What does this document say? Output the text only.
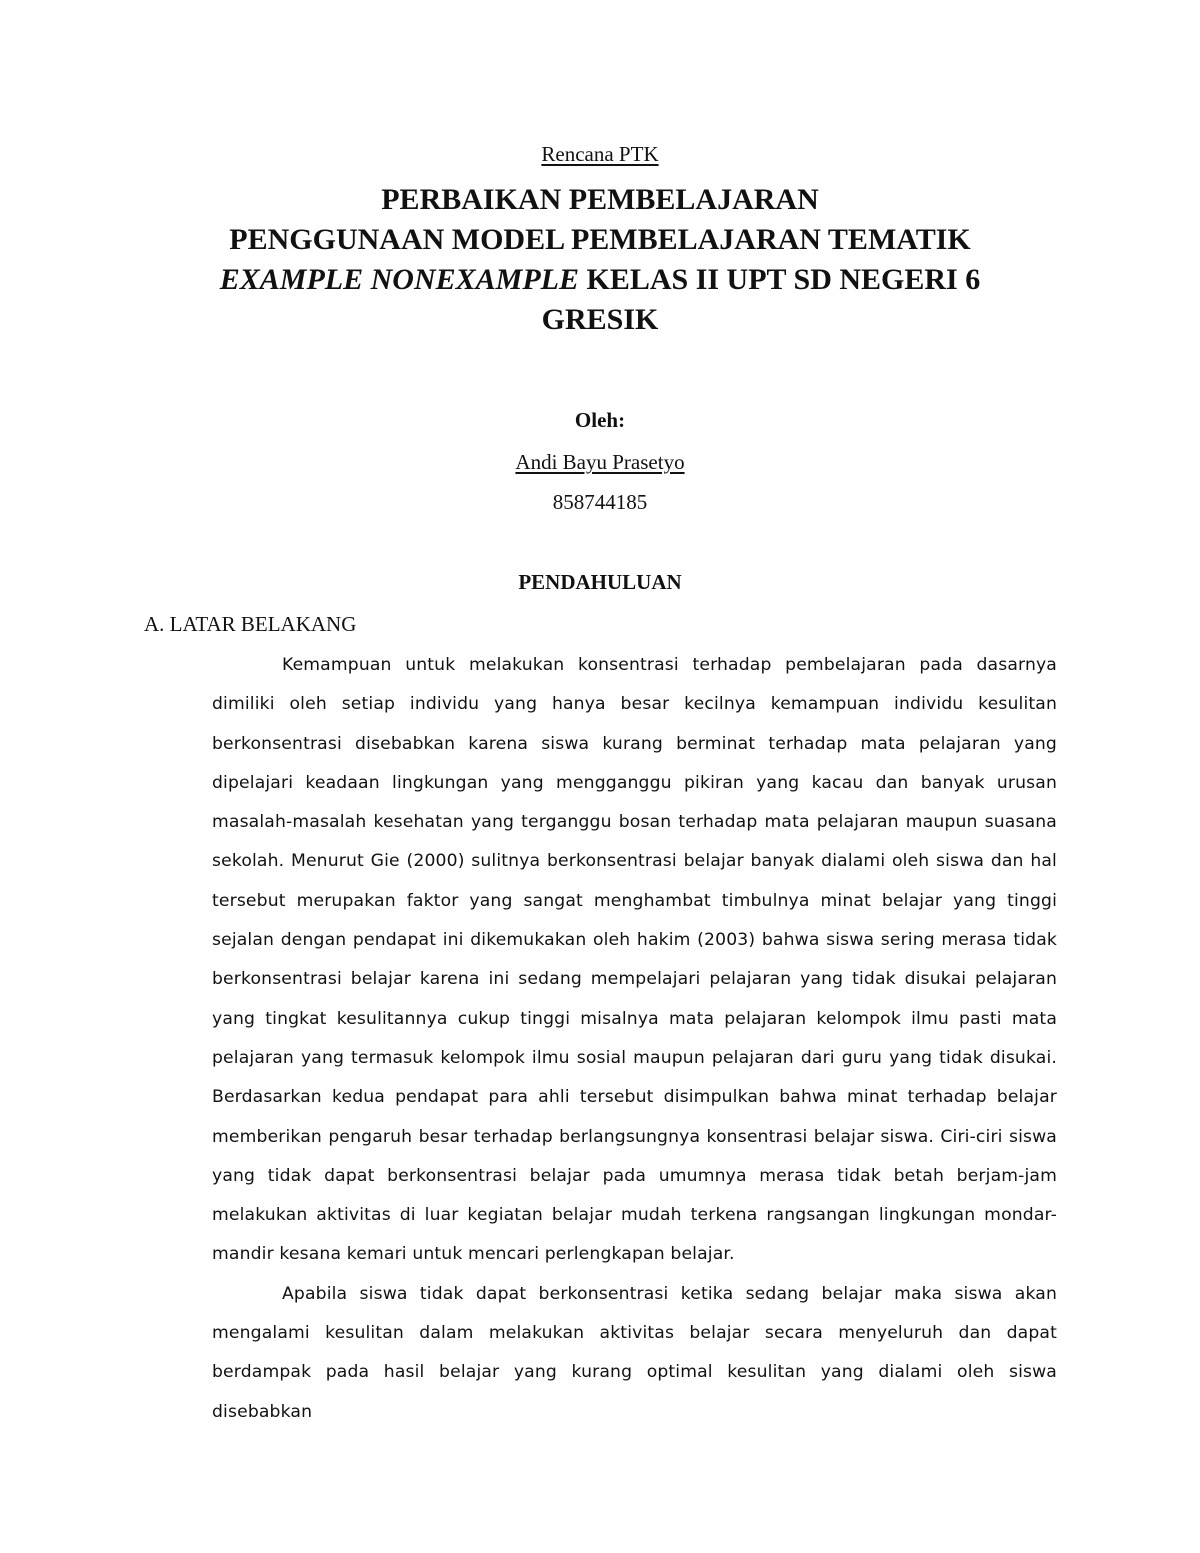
Rencana PTK
PERBAIKAN PEMBELAJARAN
PENGGUNAAN MODEL PEMBELAJARAN TEMATIK
EXAMPLE NONEXAMPLE KELAS II UPT SD NEGERI 6
GRESIK
Oleh:
Andi Bayu Prasetyo
858744185
PENDAHULUAN
A. LATAR BELAKANG

Kemampuan untuk melakukan konsentrasi terhadap pembelajaran pada dasarnya dimiliki oleh setiap individu yang hanya besar kecilnya kemampuan individu kesulitan berkonsentrasi disebabkan karena siswa kurang berminat terhadap mata pelajaran yang dipelajari keadaan lingkungan yang mengganggu pikiran yang kacau dan banyak urusan masalah-masalah kesehatan yang terganggu bosan terhadap mata pelajaran maupun suasana sekolah. Menurut Gie (2000) sulitnya berkonsentrasi belajar banyak dialami oleh siswa dan hal tersebut merupakan faktor yang sangat menghambat timbulnya minat belajar yang tinggi sejalan dengan pendapat ini dikemukakan oleh hakim (2003) bahwa siswa sering merasa tidak berkonsentrasi belajar karena ini sedang mempelajari pelajaran yang tidak disukai pelajaran yang tingkat kesulitannya cukup tinggi misalnya mata pelajaran kelompok ilmu pasti mata pelajaran yang termasuk kelompok ilmu sosial maupun pelajaran dari guru yang tidak disukai. Berdasarkan kedua pendapat para ahli tersebut disimpulkan bahwa minat terhadap belajar memberikan pengaruh besar terhadap berlangsungnya konsentrasi belajar siswa. Ciri-ciri siswa yang tidak dapat berkonsentrasi belajar pada umumnya merasa tidak betah berjam-jam melakukan aktivitas di luar kegiatan belajar mudah terkena rangsangan lingkungan mondar-mandir kesana kemari untuk mencari perlengkapan belajar.

Apabila siswa tidak dapat berkonsentrasi ketika sedang belajar maka siswa akan mengalami kesulitan dalam melakukan aktivitas belajar secara menyeluruh dan dapat berdampak pada hasil belajar yang kurang optimal kesulitan yang dialami oleh siswa disebabkan
